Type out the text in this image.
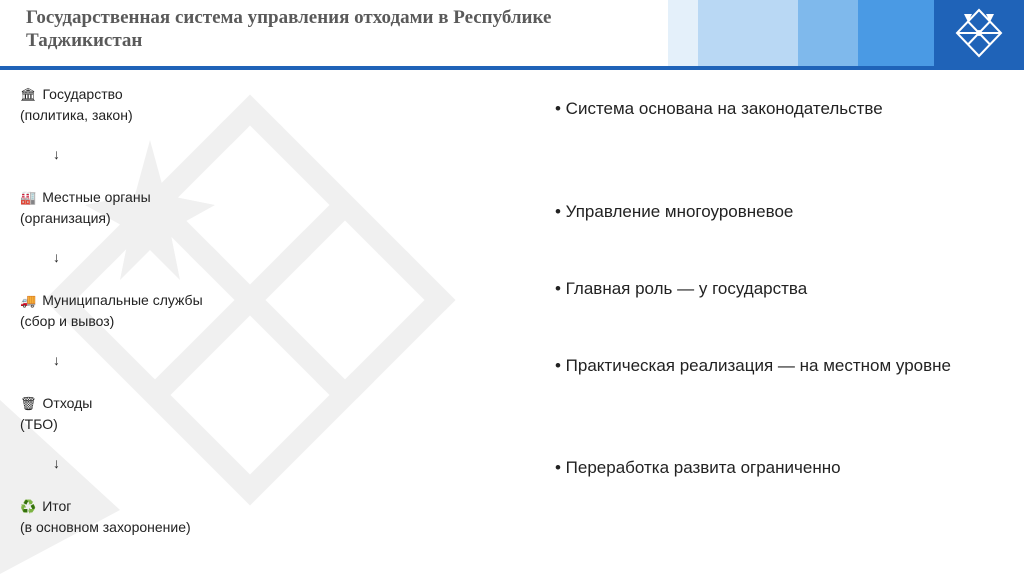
Государственная система управления отходами в Республике Таджикистан
🏛 Государство
(политика, закон)
↓
🏭 Местные органы
(организация)
↓
🚚 Муниципальные службы
(сбор и вывоз)
↓
🗑 Отходы
(ТБО)
↓
♻️ Итог
(в основном захоронение)
• Система основана на законодательстве
• Управление многоуровневое
• Главная роль — у государства
• Практическая реализация — на местном уровне
• Переработка развита ограниченно
